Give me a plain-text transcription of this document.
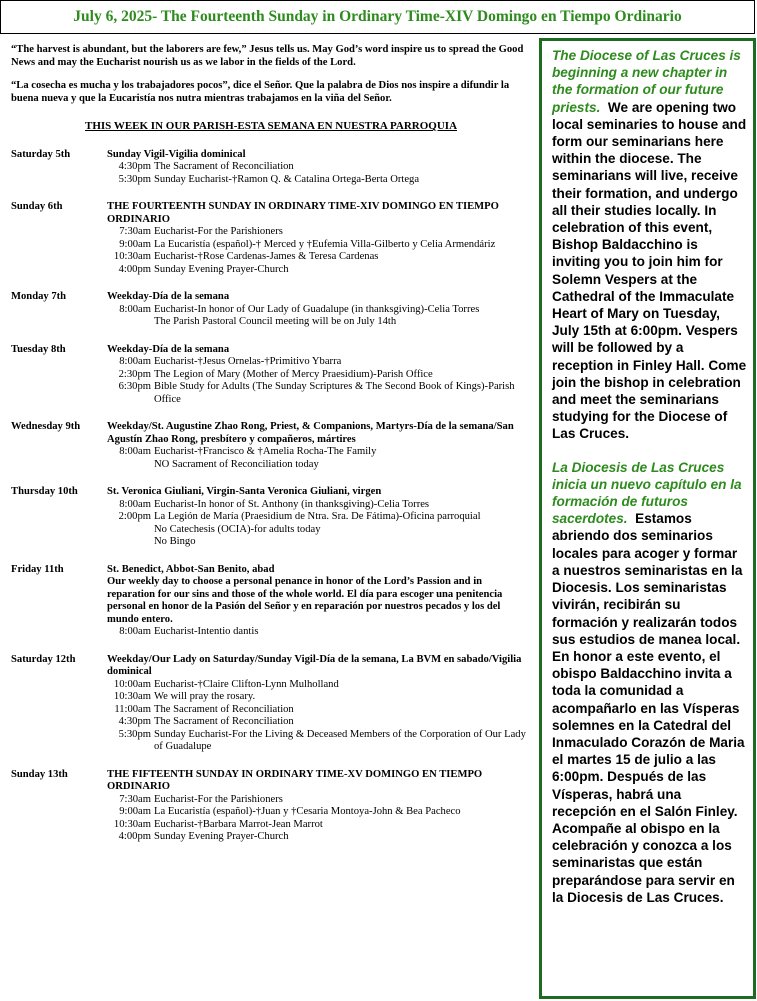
July 6, 2025- The Fourteenth Sunday in Ordinary Time-XIV Domingo en Tiempo Ordinario

“The harvest is abundant, but the laborers are few,” Jesus tells us. May God’s word inspire us to spread the Good News and may the Eucharist nourish us as we labor in the fields of the Lord.

“La cosecha es mucha y los trabajadores pocos”, dice el Señor. Que la palabra de Dios nos inspire a difundir la buena nueva y que la Eucaristía nos nutra mientras trabajamos en la viña del Señor.

THIS WEEK IN OUR PARISH-ESTA SEMANA EN NUESTRA PARROQUIA
Saturday 5th	Sunday Vigil-Vigilia dominical
4:30pm The Sacrament of Reconciliation
5:30pm Sunday Eucharist-†Ramon Q. & Catalina Ortega-Berta Ortega
Sunday 6th	THE FOURTEENTH SUNDAY IN ORDINARY TIME-XIV DOMINGO EN TIEMPO ORDINARIO
7:30am Eucharist-For the Parishioners
9:00am La Eucaristía (español)-† Merced y †Eufemia Villa-Gilberto y Celia Armendáriz
10:30am Eucharist-†Rose Cardenas-James & Teresa Cardenas
4:00pm Sunday Evening Prayer-Church
Monday 7th	Weekday-Día de la semana
8:00am Eucharist-In honor of Our Lady of Guadalupe (in thanksgiving)-Celia Torres
The Parish Pastoral Council meeting will be on July 14th
Tuesday 8th	Weekday-Día de la semana
8:00am Eucharist-†Jesus Ornelas-†Primitivo Ybarra
2:30pm The Legion of Mary (Mother of Mercy Praesidium)-Parish Office
6:30pm Bible Study for Adults (The Sunday Scriptures & The Second Book of Kings)-Parish Office
Wednesday 9th	Weekday/St. Augustine Zhao Rong, Priest, & Companions, Martyrs-Día de la semana/San Agustín Zhao Rong, presbítero y compañeros, mártires
8:00am Eucharist-†Francisco & †Amelia Rocha-The Family
NO Sacrament of Reconciliation today
Thursday 10th	St. Veronica Giuliani, Virgin-Santa Veronica Giuliani, virgen
8:00am Eucharist-In honor of St. Anthony (in thanksgiving)-Celia Torres
2:00pm La Legión de María (Praesidium de Ntra. Sra. De Fátima)-Oficina parroquial
No Catechesis (OCIA)-for adults today
No Bingo
Friday 11th	St. Benedict, Abbot-San Benito, abad
Our weekly day to choose a personal penance in honor of the Lord’s Passion and in reparation for our sins and those of the whole world. El día para escoger una penitencia personal en honor de la Pasión del Señor y en reparación por nuestros pecados y los del mundo entero.
8:00am Eucharist-Intentio dantis
Saturday 12th	Weekday/Our Lady on Saturday/Sunday Vigil-Día de la semana, La BVM en sabado/Vigilia dominical
10:00am Eucharist-†Claire Clifton-Lynn Mulholland
10:30am We will pray the rosary.
11:00am The Sacrament of Reconciliation
4:30pm The Sacrament of Reconciliation
5:30pm Sunday Eucharist-For the Living & Deceased Members of the Corporation of Our Lady of Guadalupe
Sunday 13th	THE FIFTEENTH SUNDAY IN ORDINARY TIME-XV DOMINGO EN TIEMPO ORDINARIO
7:30am Eucharist-For the Parishioners
9:00am La Eucaristía (español)-†Juan y †Cesaria Montoya-John & Bea Pacheco
10:30am Eucharist-†Barbara Marrot-Jean Marrot
4:00pm Sunday Evening Prayer-Church

The Diocese of Las Cruces is beginning a new chapter in the formation of our future priests. We are opening two local seminaries to house and form our seminarians here within the diocese. The seminarians will live, receive their formation, and undergo all their studies locally. In celebration of this event, Bishop Baldacchino is inviting you to join him for Solemn Vespers at the Cathedral of the Immaculate Heart of Mary on Tuesday, July 15th at 6:00pm. Vespers will be followed by a reception in Finley Hall. Come join the bishop in celebration and meet the seminarians studying for the Diocese of Las Cruces.

La Diocesis de Las Cruces inicia un nuevo capítulo en la formación de futuros sacerdotes. Estamos abriendo dos seminarios locales para acoger y formar a nuestros seminaristas en la Diocesis. Los seminaristas vivirán, recibirán su formación y realizarán todos sus estudios de manea local. En honor a este evento, el obispo Baldacchino invita a toda la comunidad a acompañarlo en las Vísperas solemnes en la Catedral del Inmaculado Corazón de Maria el martes 15 de julio a las 6:00pm. Después de las Vísperas, habrá una recepción en el Salón Finley. Acompañe al obispo en la celebración y conozca a los seminaristas que están preparándose para servir en la Diocesis de Las Cruces.
